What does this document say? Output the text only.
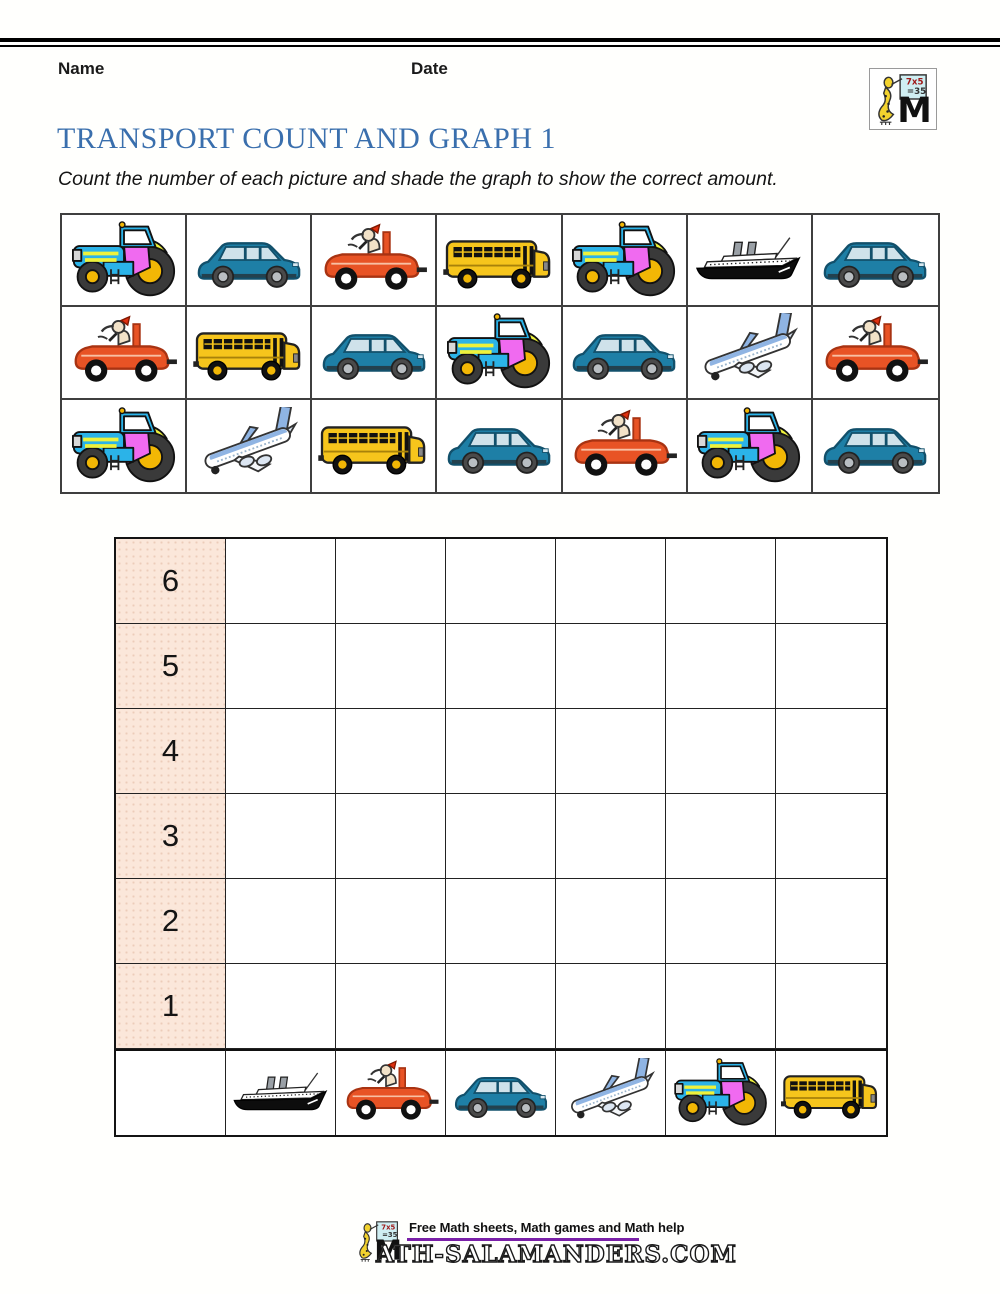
Name	Date
TRANSPORT COUNT AND GRAPH 1
Count the number of each picture and shade the graph to show the correct amount.
6
5
4
3
2
1
Free Math sheets, Math games and Math help
ATH-SALAMANDERS.COM
